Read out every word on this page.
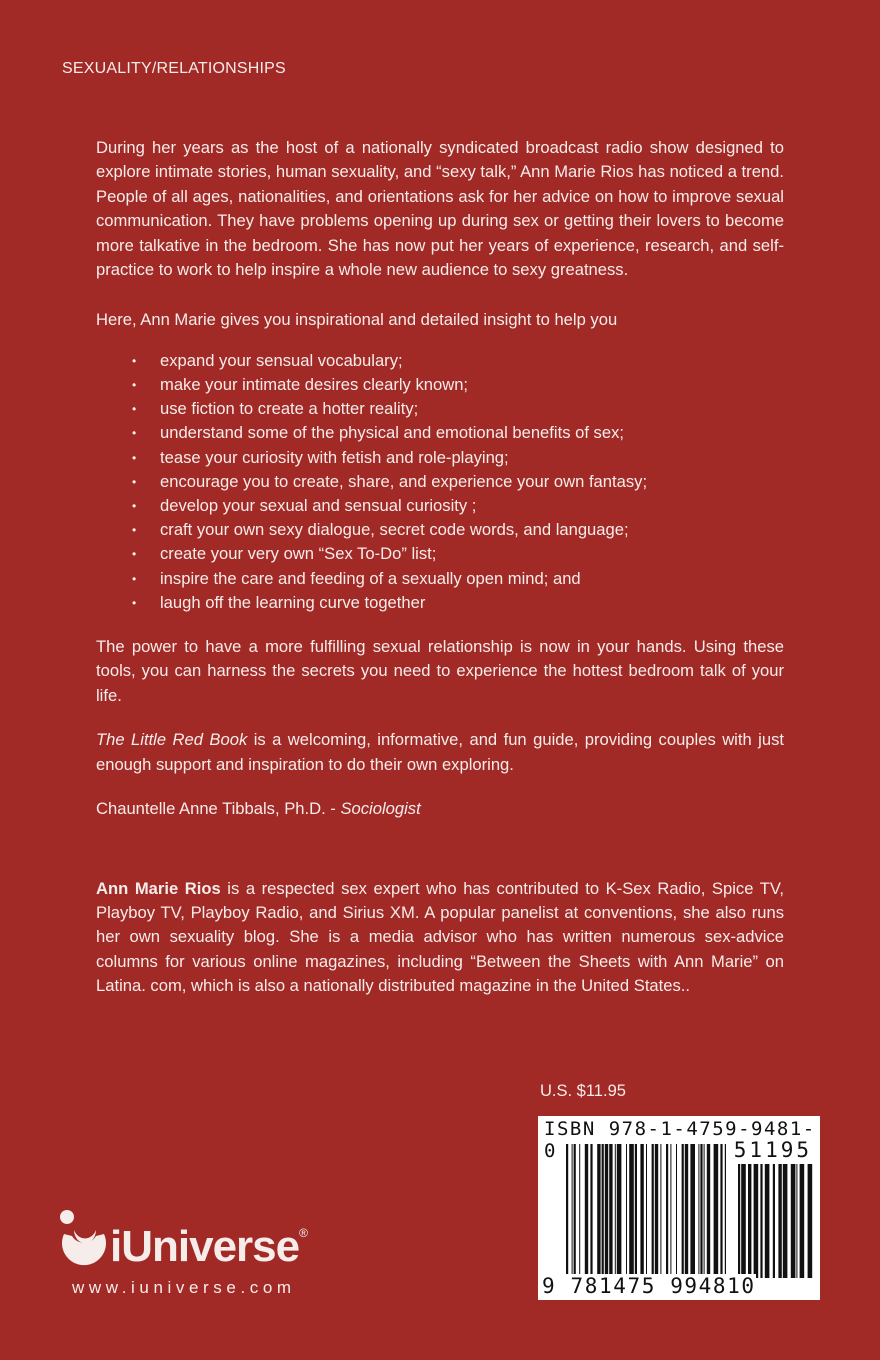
SEXUALITY/RELATIONSHIPS

During her years as the host of a nationally syndicated broadcast radio show designed to explore intimate stories, human sexuality, and “sexy talk,” Ann Marie Rios has noticed a trend. People of all ages, nationalities, and orientations ask for her advice on how to improve sexual communication. They have problems opening up during sex or getting their lovers to become more talkative in the bedroom. She has now put her years of experience, research, and self-practice to work to help inspire a whole new audience to sexy greatness.

Here, Ann Marie gives you inspirational and detailed insight to help you

• expand your sensual vocabulary;
• make your intimate desires clearly known;
• use fiction to create a hotter reality;
• understand some of the physical and emotional benefits of sex;
• tease your curiosity with fetish and role-playing;
• encourage you to create, share, and experience your own fantasy;
• develop your sexual and sensual curiosity ;
• craft your own sexy dialogue, secret code words, and language;
• create your very own “Sex To-Do” list;
• inspire the care and feeding of a sexually open mind; and
• laugh off the learning curve together

The power to have a more fulfilling sexual relationship is now in your hands. Using these tools, you can harness the secrets you need to experience the hottest bedroom talk of your life.

The Little Red Book is a welcoming, informative, and fun guide, providing couples with just enough support and inspiration to do their own exploring.

Chauntelle Anne Tibbals, Ph.D. - Sociologist

Ann Marie Rios is a respected sex expert who has contributed to K-Sex Radio, Spice TV, Playboy TV, Playboy Radio, and Sirius XM. A popular panelist at conventions, she also runs her own sexuality blog. She is a media advisor who has written numerous sex-advice columns for various online magazines, including “Between the Sheets with Ann Marie” on Latina. com, which is also a nationally distributed magazine in the United States..

U.S. $11.95
ISBN 978-1-4759-9481-0	51195
9 781475 994810
iUniverse®
www.iuniverse.com
